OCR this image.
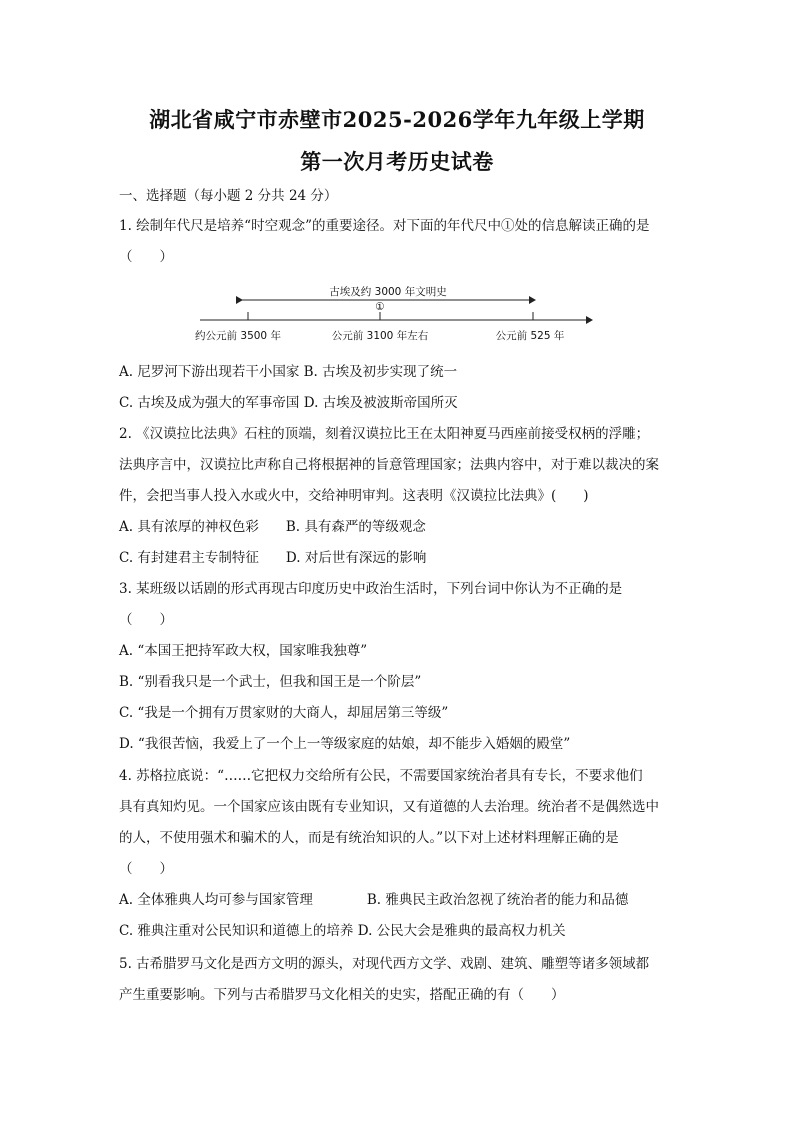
湖北省咸宁市赤壁市2025-2026学年九年级上学期
第一次月考历史试卷
一、选择题（每小题 2 分共 24 分）
1. 绘制年代尺是培养“时空观念”的重要途径。对下面的年代尺中①处的信息解读正确的是
（　　）
古埃及约 3000 年文明史
①
约公元前 3500 年	公元前 3100 年左右	公元前 525 年
A. 尼罗河下游出现若干小国家 B. 古埃及初步实现了统一
C. 古埃及成为强大的军事帝国 D. 古埃及被波斯帝国所灭
2. 《汉谟拉比法典》石柱的顶端，刻着汉谟拉比王在太阳神夏马西座前接受权柄的浮雕；
法典序言中，汉谟拉比声称自己将根据神的旨意管理国家；法典内容中，对于难以裁决的案
件，会把当事人投入水或火中，交给神明审判。这表明《汉谟拉比法典》(　　)
A. 具有浓厚的神权色彩　　B. 具有森严的等级观念
C. 有封建君主专制特征　　D. 对后世有深远的影响
3. 某班级以话剧的形式再现古印度历史中政治生活时，下列台词中你认为不正确的是
（　　）
A. “本国王把持军政大权，国家唯我独尊”
B. “别看我只是一个武士，但我和国王是一个阶层”
C. “我是一个拥有万贯家财的大商人，却屈居第三等级”
D. “我很苦恼，我爱上了一个上一等级家庭的姑娘，却不能步入婚姻的殿堂”
4. 苏格拉底说：“……它把权力交给所有公民，不需要国家统治者具有专长，不要求他们
具有真知灼见。一个国家应该由既有专业知识，又有道德的人去治理。统治者不是偶然选中
的人，不使用强术和骗术的人，而是有统治知识的人。”以下对上述材料理解正确的是
（　　）
A. 全体雅典人均可参与国家管理　　　　B. 雅典民主政治忽视了统治者的能力和品德
C. 雅典注重对公民知识和道德上的培养 D. 公民大会是雅典的最高权力机关
5. 古希腊罗马文化是西方文明的源头，对现代西方文学、戏剧、建筑、雕塑等诸多领域都
产生重要影响。下列与古希腊罗马文化相关的史实，搭配正确的有（　　）
